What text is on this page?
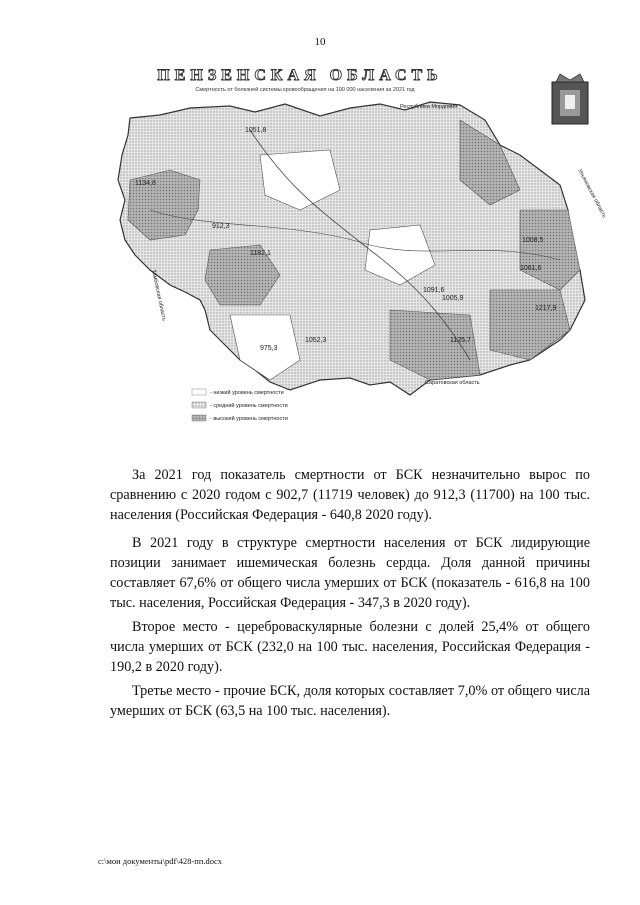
10
ПЕНЗЕНСКАЯ ОБЛАСТЬ
Смертность от болезней системы кровообращения на 100 000 населения за 2021 год
Республика Мордовия
Ульяновская область
Тамбовская область
Саратовская область
1051,8
1134,8
912,3
1182,1
1008,5
1091,6
1061,6
1005,9
1217,9
1125,7
975,3
1052,3
- низкий уровень смертности
- средний уровень смертности
- высокий уровень смертности

За 2021 год показатель смертности от БСК незначительно вырос по сравнению с 2020 годом с 902,7 (11719 человек) до 912,3 (11700) на 100 тыс. населения (Российская Федерация - 640,8 2020 году).

В 2021 году в структуре смертности населения от БСК лидирующие позиции занимает ишемическая болезнь сердца. Доля данной причины составляет 67,6% от общего числа умерших от БСК (показатель - 616,8 на 100 тыс. населения, Российская Федерация - 347,3 в 2020 году).

Второе место - цереброваскулярные болезни с долей 25,4% от общего числа умерших от БСК (232,0 на 100 тыс. населения, Российская Федерация - 190,2 в 2020 году).

Третье место - прочие БСК, доля которых составляет 7,0% от общего числа умерших от БСК (63,5 на 100 тыс. населения).

c:\мои документы\pdf\428-пп.docx
